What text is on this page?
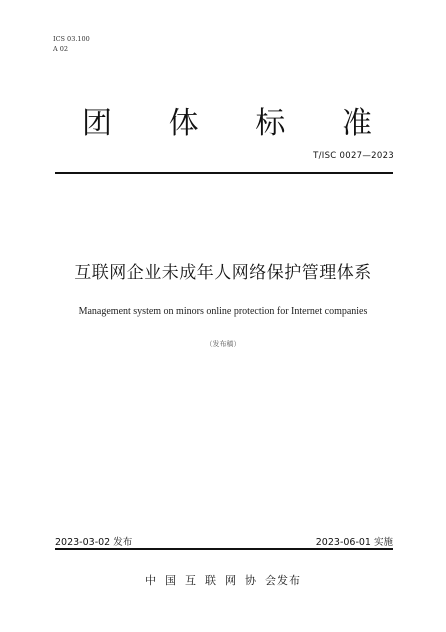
ICS 03.100
A 02
团 体 标 准
T/ISC 0027—2023
互联网企业未成年人网络保护管理体系
Management system on minors online protection for Internet companies
（发布稿）
2023-03-02 发布	2023-06-01 实施
中国互联网协会发布
